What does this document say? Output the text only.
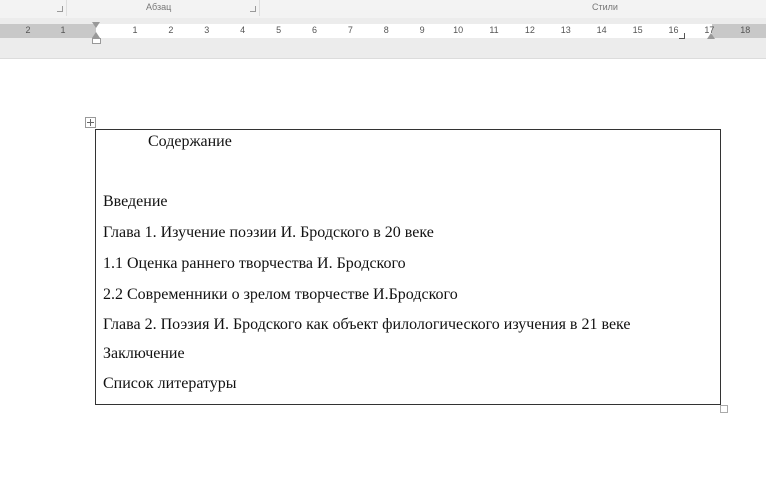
Абзац	Стили
2	1	1	2	3	4	5	6	7	8	9	10	11	12	13	14	15	16	17	18
Содержание
Введение
Глава 1. Изучение поэзии И. Бродского в 20 веке
1.1 Оценка раннего творчества И. Бродского
2.2 Современники о зрелом творчестве И.Бродского
Глава 2. Поэзия И. Бродского как объект филологического изучения в 21 веке
Заключение
Список литературы
